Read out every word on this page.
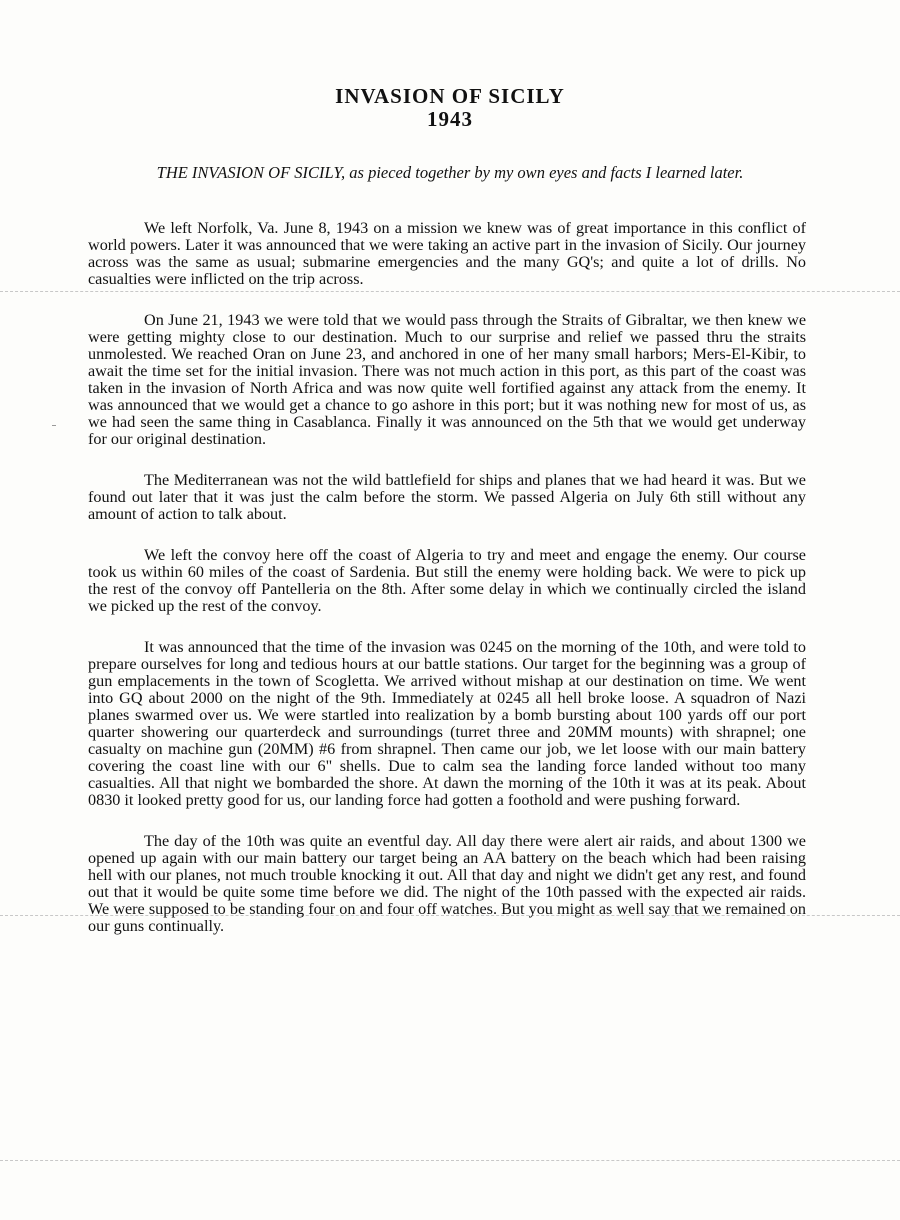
INVASION OF SICILY
1943

THE INVASION OF SICILY, as pieced together by my own eyes and facts I learned later.

We left Norfolk, Va. June 8, 1943 on a mission we knew was of great importance in this conflict of world powers. Later it was announced that we were taking an active part in the invasion of Sicily. Our journey across was the same as usual; submarine emergencies and the many GQ's; and quite a lot of drills. No casualties were inflicted on the trip across.

On June 21, 1943 we were told that we would pass through the Straits of Gibraltar, we then knew we were getting mighty close to our destination. Much to our surprise and relief we passed thru the straits unmolested. We reached Oran on June 23, and anchored in one of her many small harbors; Mers-El-Kibir, to await the time set for the initial invasion. There was not much action in this port, as this part of the coast was taken in the invasion of North Africa and was now quite well fortified against any attack from the enemy. It was announced that we would get a chance to go ashore in this port; but it was nothing new for most of us, as we had seen the same thing in Casablanca. Finally it was announced on the 5th that we would get underway for our original destination.

The Mediterranean was not the wild battlefield for ships and planes that we had heard it was. But we found out later that it was just the calm before the storm. We passed Algeria on July 6th still without any amount of action to talk about.

We left the convoy here off the coast of Algeria to try and meet and engage the enemy. Our course took us within 60 miles of the coast of Sardenia. But still the enemy were holding back. We were to pick up the rest of the convoy off Pantelleria on the 8th. After some delay in which we continually circled the island we picked up the rest of the convoy.

It was announced that the time of the invasion was 0245 on the morning of the 10th, and were told to prepare ourselves for long and tedious hours at our battle stations. Our target for the beginning was a group of gun emplacements in the town of Scogletta. We arrived without mishap at our destination on time. We went into GQ about 2000 on the night of the 9th. Immediately at 0245 all hell broke loose. A squadron of Nazi planes swarmed over us. We were startled into realization by a bomb bursting about 100 yards off our port quarter showering our quarterdeck and surroundings (turret three and 20MM mounts) with shrapnel; one casualty on machine gun (20MM) #6 from shrapnel. Then came our job, we let loose with our main battery covering the coast line with our 6" shells. Due to calm sea the landing force landed without too many casualties. All that night we bombarded the shore. At dawn the morning of the 10th it was at its peak. About 0830 it looked pretty good for us, our landing force had gotten a foothold and were pushing forward.

The day of the 10th was quite an eventful day. All day there were alert air raids, and about 1300 we opened up again with our main battery our target being an AA battery on the beach which had been raising hell with our planes, not much trouble knocking it out. All that day and night we didn't get any rest, and found out that it would be quite some time before we did. The night of the 10th passed with the expected air raids. We were supposed to be standing four on and four off watches. But you might as well say that we remained on our guns continually.
